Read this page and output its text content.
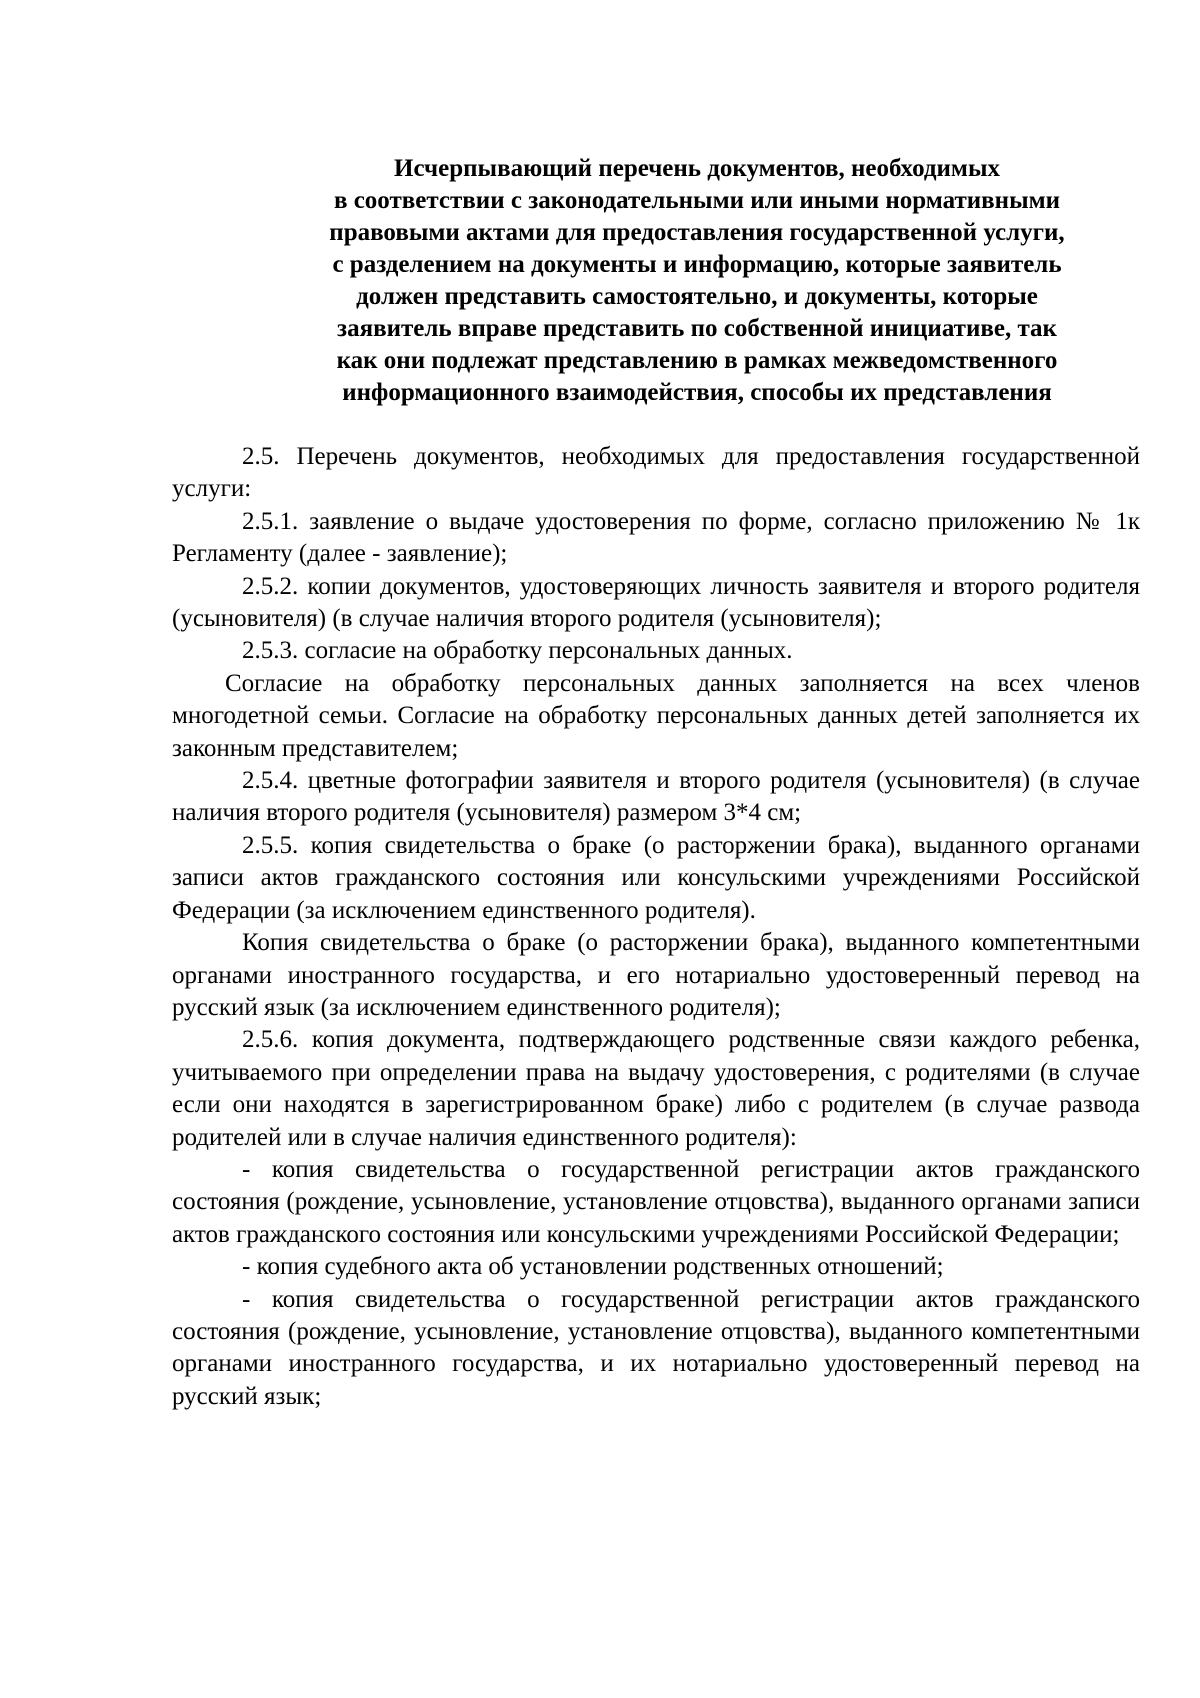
Исчерпывающий перечень документов, необходимых
в соответствии с законодательными или иными нормативными
правовыми актами для предоставления государственной услуги,
с разделением на документы и информацию, которые заявитель
должен представить самостоятельно, и документы, которые
заявитель вправе представить по собственной инициативе, так
как они подлежат представлению в рамках межведомственного
информационного взаимодействия, способы их представления

2.5. Перечень документов, необходимых для предоставления государственной услуги:

2.5.1. заявление о выдаче удостоверения по форме, согласно приложению № 1к Регламенту (далее - заявление);

2.5.2. копии документов, удостоверяющих личность заявителя и второго родителя (усыновителя) (в случае наличия второго родителя (усыновителя);

2.5.3. согласие на обработку персональных данных.

Согласие на обработку персональных данных заполняется на всех членов многодетной семьи. Согласие на обработку персональных данных детей заполняется их законным представителем;

2.5.4. цветные фотографии заявителя и второго родителя (усыновителя) (в случае наличия второго родителя (усыновителя) размером 3*4 см;

2.5.5. копия свидетельства о браке (о расторжении брака), выданного органами записи актов гражданского состояния или консульскими учреждениями Российской Федерации (за исключением единственного родителя).

Копия свидетельства о браке (о расторжении брака), выданного компетентными органами иностранного государства, и его нотариально удостоверенный перевод на русский язык (за исключением единственного родителя);

2.5.6. копия документа, подтверждающего родственные связи каждого ребенка, учитываемого при определении права на выдачу удостоверения, с родителями (в случае если они находятся в зарегистрированном браке) либо с родителем (в случае развода родителей или в случае наличия единственного родителя):

- копия свидетельства о государственной регистрации актов гражданского состояния (рождение, усыновление, установление отцовства), выданного органами записи актов гражданского состояния или консульскими учреждениями Российской Федерации;

- копия судебного акта об установлении родственных отношений;

- копия свидетельства о государственной регистрации актов гражданского состояния (рождение, усыновление, установление отцовства), выданного компетентными органами иностранного государства, и их нотариально удостоверенный перевод на русский язык;
